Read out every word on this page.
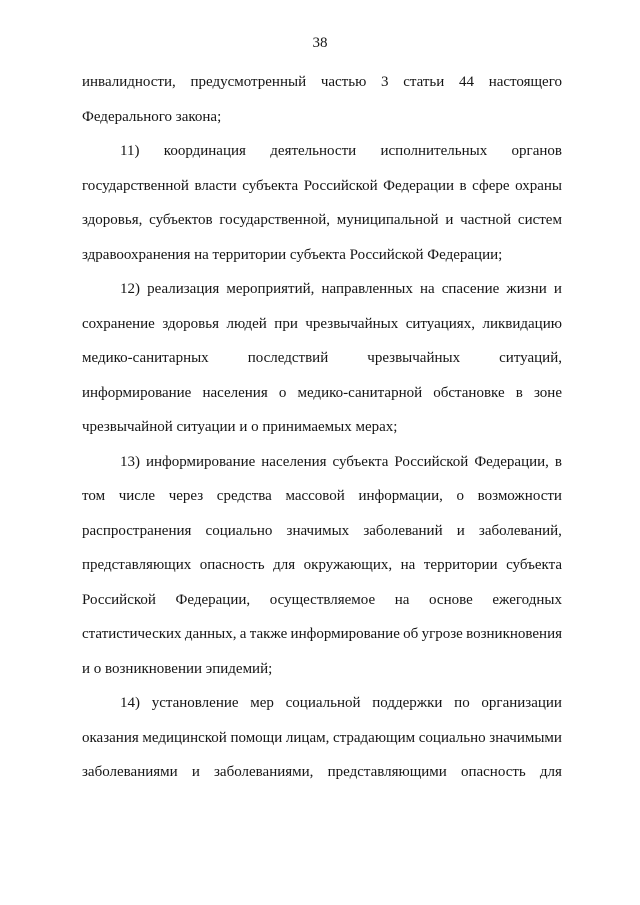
38
инвалидности, предусмотренный частью 3 статьи 44 настоящего
Федерального закона;
11) координация деятельности исполнительных органов
государственной власти субъекта Российской Федерации в сфере охраны
здоровья, субъектов государственной, муниципальной и частной систем
здравоохранения на территории субъекта Российской Федерации;
12) реализация мероприятий, направленных на спасение жизни и
сохранение здоровья людей при чрезвычайных ситуациях, ликвидацию
медико-санитарных	последствий	чрезвычайных	ситуаций,
информирование населения о медико-санитарной обстановке в зоне
чрезвычайной ситуации и о принимаемых мерах;
13) информирование населения субъекта Российской Федерации, в
том числе через средства массовой информации, о возможности
распространения социально значимых заболеваний и заболеваний,
представляющих опасность для окружающих, на территории субъекта
Российской Федерации, осуществляемое на основе ежегодных
статистических данных, а также информирование об угрозе возникновения
и о возникновении эпидемий;
14) установление мер социальной поддержки по организации
оказания медицинской помощи лицам, страдающим социально значимыми
заболеваниями и заболеваниями, представляющими опасность для
